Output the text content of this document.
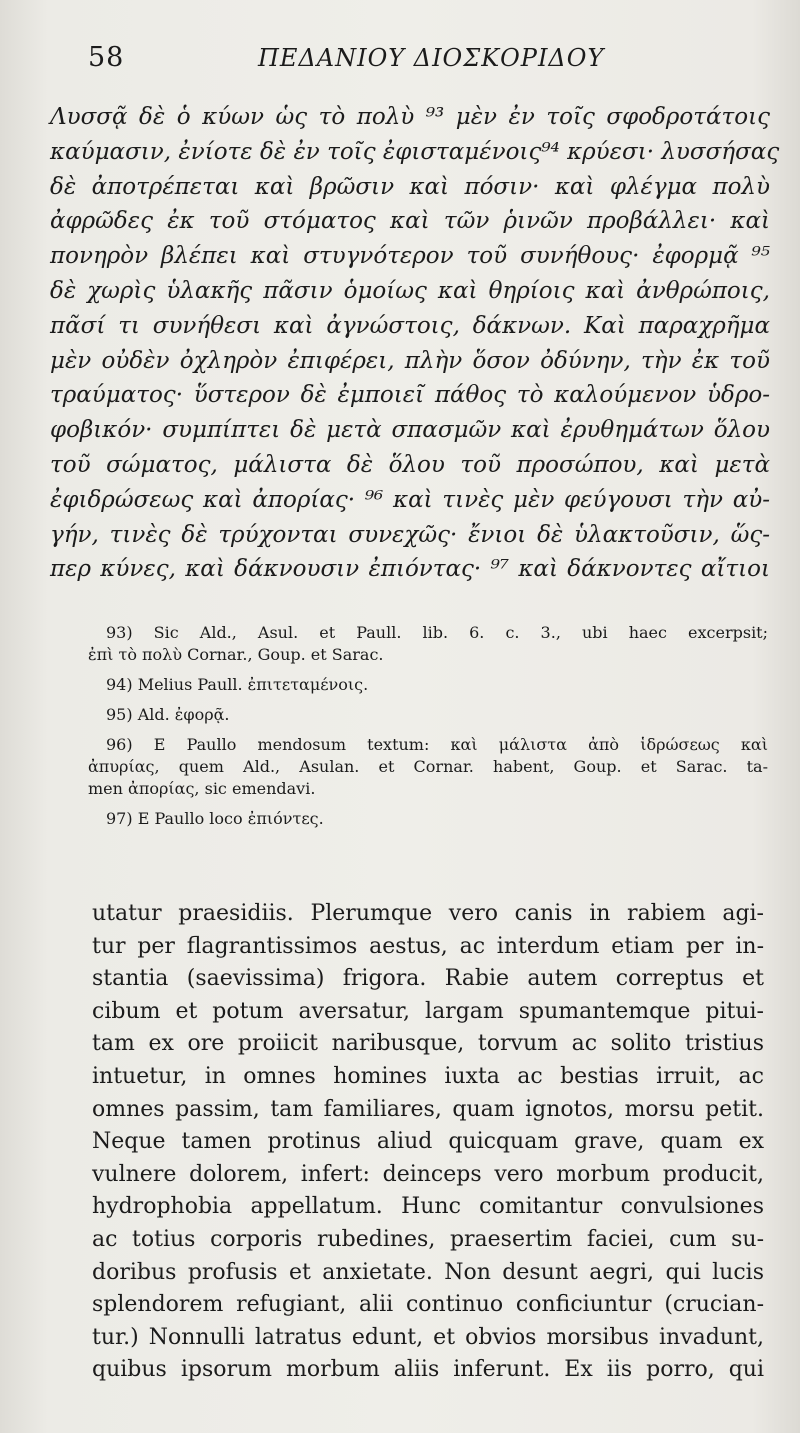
58	ΠΕΔΑΝΙΟΥ ΔΙΟΣΚΟΡΙΔΟΥ
Λυσσᾷ δὲ ὁ κύων ὡς τὸ πολὺ ⁹³ μὲν ἐν τοῖς σφοδροτάτοις
καύμασιν, ἐνίοτε δὲ ἐν τοῖς ἐφισταμένοις⁹⁴ κρύεσι· λυσσήσας
δὲ ἀποτρέπεται καὶ βρῶσιν καὶ πόσιν· καὶ φλέγμα πολὺ
ἀφρῶδες ἐκ τοῦ στόματος καὶ τῶν ῥινῶν προβάλλει· καὶ
πονηρὸν βλέπει καὶ στυγνότερον τοῦ συνήθους· ἐφορμᾷ ⁹⁵
δὲ χωρὶς ὑλακῆς πᾶσιν ὁμοίως καὶ θηρίοις καὶ ἀνθρώποις,
πᾶσί τι συνήθεσι καὶ ἀγνώστοις, δάκνων. Καὶ παραχρῆμα
μὲν οὐδὲν ὀχληρὸν ἐπιφέρει, πλὴν ὅσον ὀδύνην, τὴν ἐκ τοῦ
τραύματος· ὕστερον δὲ ἐμποιεῖ πάθος τὸ καλούμενον ὑδρο-
φοβικόν· συμπίπτει δὲ μετὰ σπασμῶν καὶ ἐρυθημάτων ὅλου
τοῦ σώματος, μάλιστα δὲ ὅλου τοῦ προσώπου, καὶ μετὰ
ἐφιδρώσεως καὶ ἀπορίας· ⁹⁶ καὶ τινὲς μὲν φεύγουσι τὴν αὐ-
γήν, τινὲς δὲ τρύχονται συνεχῶς· ἔνιοι δὲ ὑλακτοῦσιν, ὥς-
περ κύνες, καὶ δάκνουσιν ἐπιόντας· ⁹⁷ καὶ δάκνοντες αἴτιοι
93) Sic Ald., Asul. et Paull. lib. 6. c. 3., ubi haec excerpsit;
ἐπὶ τὸ πολὺ Cornar., Goup. et Sarac.
94) Melius Paull. ἐπιτεταμένοις.
95) Ald. ἐφορᾷ.
96) E Paullo mendosum textum: καὶ μάλιστα ἀπὸ ἱδρώσεως καὶ
ἀπυρίας, quem Ald., Asulan. et Cornar. habent, Goup. et Sarac. ta-
men ἀπορίας, sic emendavi.
97) E Paullo loco ἐπιόντες.
utatur praesidiis. Plerumque vero canis in rabiem agi-
tur per flagrantissimos aestus, ac interdum etiam per in-
stantia (saevissima) frigora. Rabie autem correptus et
cibum et potum aversatur, largam spumantemque pitui-
tam ex ore proiicit naribusque, torvum ac solito tristius
intuetur, in omnes homines iuxta ac bestias irruit, ac
omnes passim, tam familiares, quam ignotos, morsu petit.
Neque tamen protinus aliud quicquam grave, quam ex
vulnere dolorem, infert: deinceps vero morbum producit,
hydrophobia appellatum. Hunc comitantur convulsiones
ac totius corporis rubedines, praesertim faciei, cum su-
doribus profusis et anxietate. Non desunt aegri, qui lucis
splendorem refugiant, alii continuo conficiuntur (crucian-
tur.) Nonnulli latratus edunt, et obvios morsibus invadunt,
quibus ipsorum morbum aliis inferunt. Ex iis porro, qui
